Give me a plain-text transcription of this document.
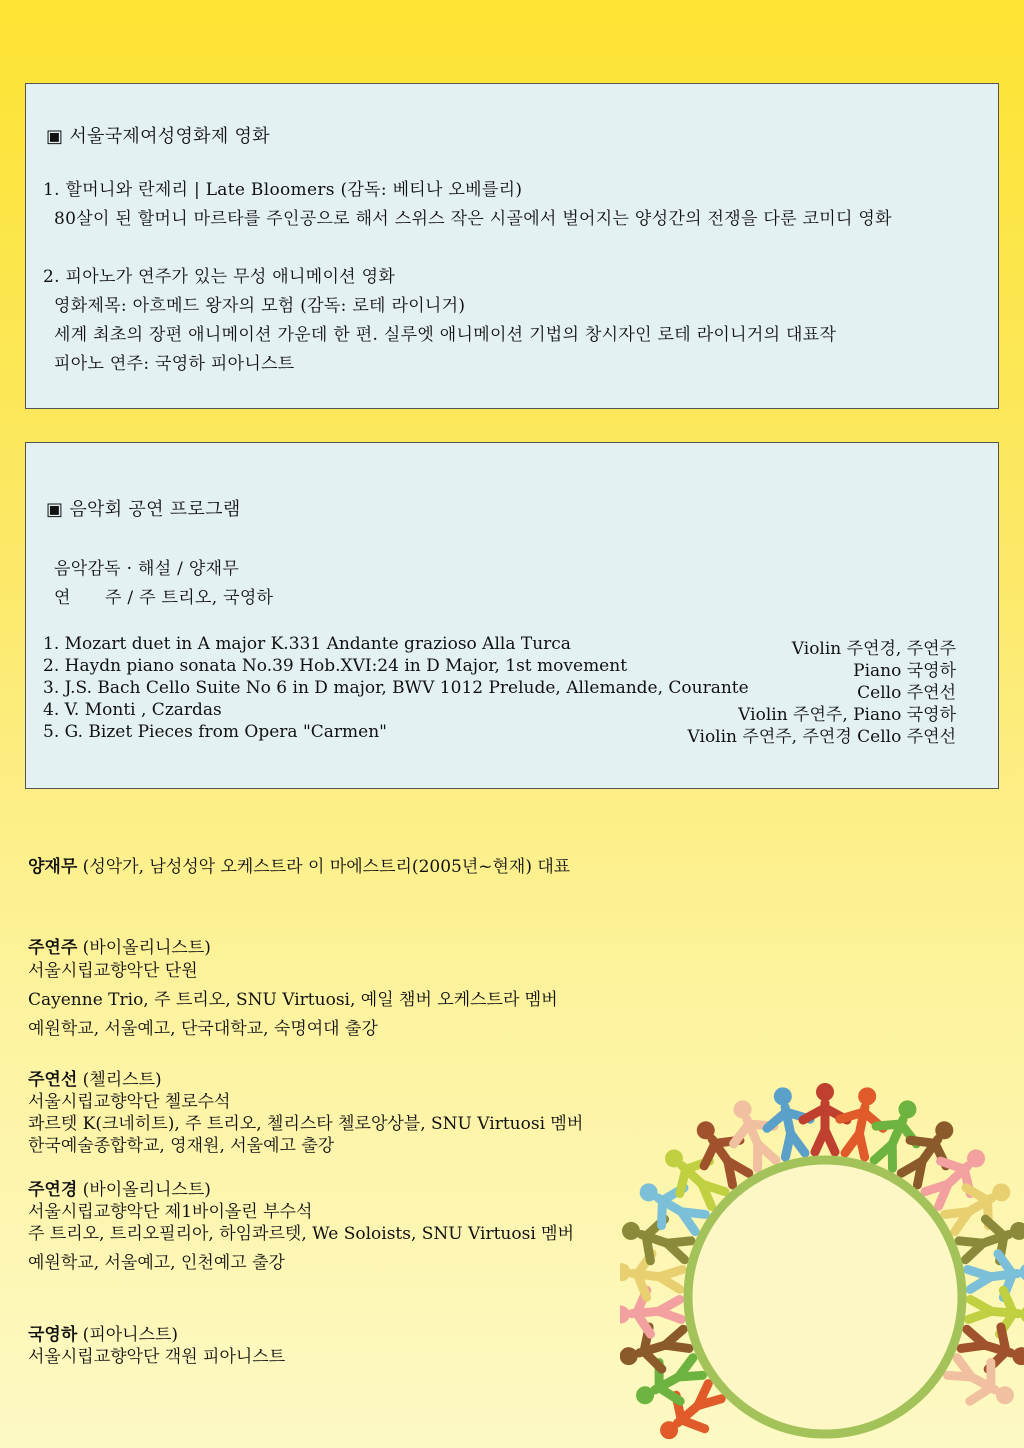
▣ 서울국제여성영화제 영화
1. 할머니와 란제리 | Late Bloomers (감독: 베티나 오베를리)
80살이 된 할머니 마르타를 주인공으로 해서 스위스 작은 시골에서 벌어지는 양성간의 전쟁을 다룬 코미디 영화
2. 피아노가 연주가 있는 무성 애니메이션 영화
영화제목: 아흐메드 왕자의 모험 (감독: 로테 라이니거)
세계 최초의 장편 애니메이션 가운데 한 편. 실루엣 애니메이션 기법의 창시자인 로테 라이니거의 대표작
피아노 연주: 국영하 피아니스트
▣ 음악회 공연 프로그램
음악감독 · 해설 / 양재무
연      주 / 주 트리오, 국영하
1. Mozart duet in A major K.331 Andante grazioso Alla Turca	Violin 주연경, 주연주
2. Haydn piano sonata No.39 Hob.XVI:24 in D Major, 1st movement	Piano 국영하
3. J.S. Bach Cello Suite No 6 in D major, BWV 1012 Prelude, Allemande, Courante	Cello 주연선
4. V. Monti , Czardas	Violin 주연주, Piano 국영하
5. G. Bizet Pieces from Opera "Carmen"	Violin 주연주, 주연경 Cello 주연선
양재무 (성악가, 남성성악 오케스트라 이 마에스트리(2005년~현재) 대표
주연주 (바이올리니스트)
서울시립교향악단 단원
Cayenne Trio, 주 트리오, SNU Virtuosi, 예일 챔버 오케스트라 멤버
예원학교, 서울예고, 단국대학교, 숙명여대 출강
주연선 (첼리스트)
서울시립교향악단 첼로수석
콰르텟 K(크네히트), 주 트리오, 첼리스타 첼로앙상블, SNU Virtuosi 멤버
한국예술종합학교, 영재원, 서울예고 출강
주연경 (바이올리니스트)
서울시립교향악단 제1바이올린 부수석
주 트리오, 트리오필리아, 하임콰르텟, We Soloists, SNU Virtuosi 멤버
예원학교, 서울예고, 인천예고 출강
국영하 (피아니스트)
서울시립교향악단 객원 피아니스트
